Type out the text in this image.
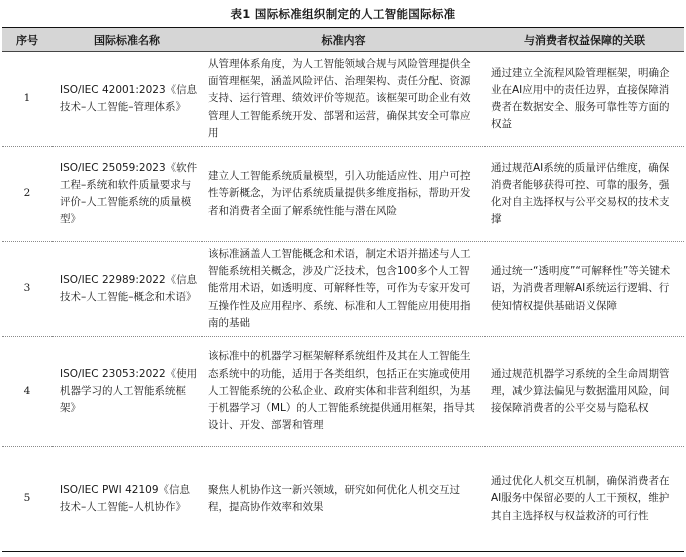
表1 国际标准组织制定的人工智能国际标准
序号	国际标准名称	标准内容	与消费者权益保障的关联
1	ISO/IEC 42001:2023《信息技术–人工智能–管理体系》	从管理体系角度，为人工智能领域合规与风险管理提供全面管理框架，涵盖风险评估、治理架构、责任分配、资源支持、运行管理、绩效评价等规范。该框架可助企业有效管理人工智能系统开发、部署和运营，确保其安全可靠应用	通过建立全流程风险管理框架，明确企业在AI应用中的责任边界，直接保障消费者在数据安全、服务可靠性等方面的权益
2	ISO/IEC 25059:2023《软件工程–系统和软件质量要求与评价–人工智能系统的质量模型》	建立人工智能系统质量模型，引入功能适应性、用户可控性等新概念，为评估系统质量提供多维度指标，帮助开发者和消费者全面了解系统性能与潜在风险	通过规范AI系统的质量评估维度，确保消费者能够获得可控、可靠的服务，强化对自主选择权与公平交易权的技术支撑
3	ISO/IEC 22989:2022《信息技术–人工智能–概念和术语》	该标准涵盖人工智能概念和术语，制定术语并描述与人工智能系统相关概念，涉及广泛技术，包含100多个人工智能常用术语，如透明度、可解释性等，可作为专家开发可互操作性及应用程序、系统、标准和人工智能应用使用指南的基础	通过统一“透明度”“可解释性”等关键术语，为消费者理解AI系统运行逻辑、行使知情权提供基础语义保障
4	ISO/IEC 23053:2022《使用机器学习的人工智能系统框架》	该标准中的机器学习框架解释系统组件及其在人工智能生态系统中的功能，适用于各类组织，包括正在实施或使用人工智能系统的公私企业、政府实体和非营利组织，为基于机器学习（ML）的人工智能系统提供通用框架，指导其设计、开发、部署和管理	通过规范机器学习系统的全生命周期管理，减少算法偏见与数据滥用风险，间接保障消费者的公平交易与隐私权
5	ISO/IEC PWI 42109《信息技术–人工智能–人机协作》	聚焦人机协作这一新兴领域，研究如何优化人机交互过程，提高协作效率和效果	通过优化人机交互机制，确保消费者在AI服务中保留必要的人工干预权，维护其自主选择权与权益救济的可行性
